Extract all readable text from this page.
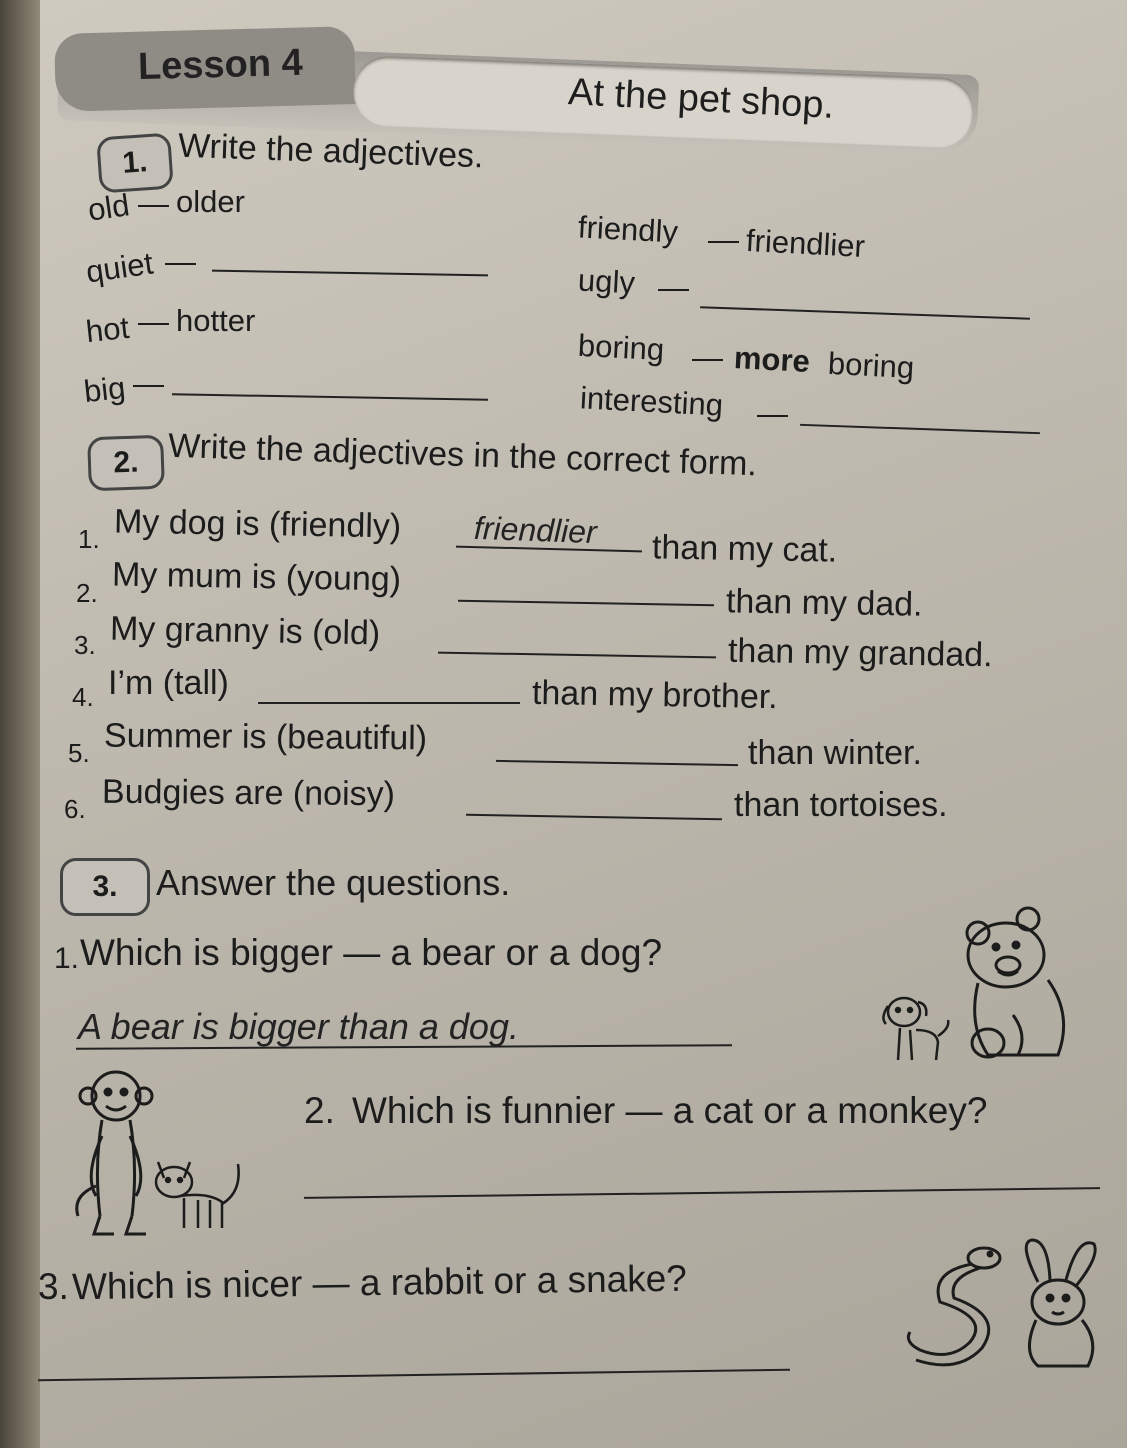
Lesson 4
At the pet shop.
1. Write the adjectives.
old — older
quiet —
hot — hotter
big —
friendly — friendlier
ugly —
boring — more boring
interesting —
2. Write the adjectives in the correct form.
1. My dog is (friendly) friendlier than my cat.
2. My mum is (young)
than my dad.
3. My granny is (old)
than my grandad.
4. I’m (tall)	than my brother.
5. Summer is (beautiful)	than winter.
6. Budgies are (noisy)	than tortoises.
3.	Answer the questions.
1. Which is bigger — a bear or a dog?
A bear is bigger than a dog.
2. Which is funnier — a cat or a monkey?
3. Which is nicer — a rabbit or a snake?
